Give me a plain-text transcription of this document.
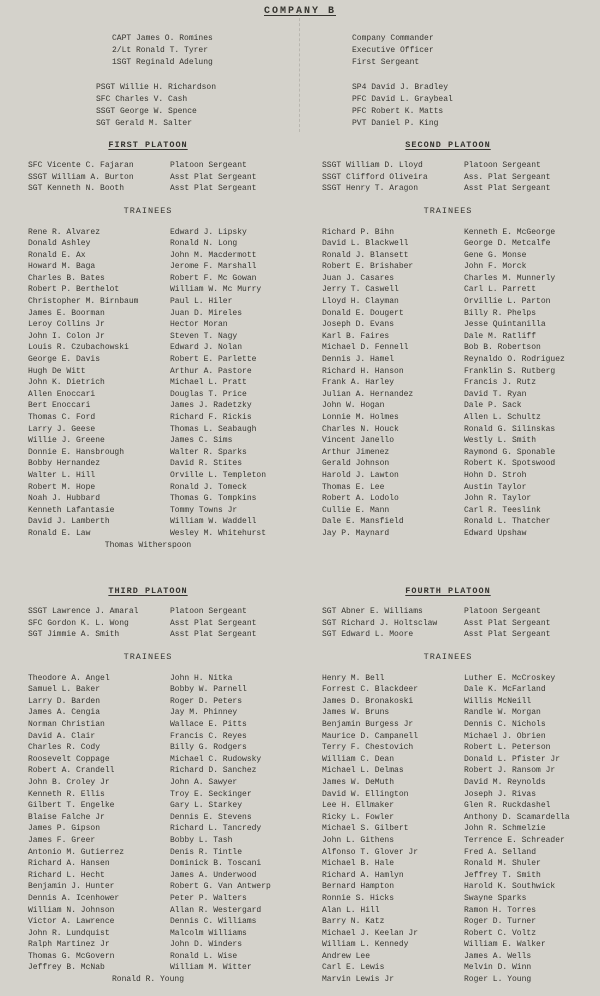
COMPANY B
CAPT James O. Romines	Company Commander
2/Lt Ronald T. Tyrer	Executive Officer
1SGT Reginald Adelung	First Sergeant
PSGT Willie H. Richardson	SP4 David J. Bradley
SFC Charles V. Cash	PFC David L. Graybeal
SSGT George W. Spence	PFC Robert K. Matts
SGT Gerald M. Salter	PVT Daniel P. King
FIRST PLATOON
SFC Vicente C. Fajaran	Platoon Sergeant
SSGT William A. Burton	Asst Plat Sergeant
SGT Kenneth N. Booth	Asst Plat Sergeant
TRAINEES
Rene R. Alvarez	Edward J. Lipsky
Donald Ashley	Ronald N. Long
Ronald E. Ax	John M. Macdermott
Howard M. Baga	Jerome F. Marshall
Charles B. Bates	Robert F. Mc Gowan
Robert P. Berthelot	William W. Mc Murry
Christopher M. Birnbaum	Paul L. Hiler
James E. Boorman	Juan D. Mireles
Leroy Collins Jr	Hector Moran
John I. Colon Jr	Steven T. Nagy
Louis R. Czubachowski	Edward J. Nolan
George E. Davis	Robert E. Parlette
Hugh De Witt	Arthur A. Pastore
John K. Dietrich	Michael L. Pratt
Allen Enoccari	Douglas T. Price
Bert Enoccari	James J. Radetzky
Thomas C. Ford	Richard F. Rickis
Larry J. Geese	Thomas L. Seabaugh
Willie J. Greene	James C. Sims
Donnie E. Hansbrough	Walter R. Sparks
Bobby Hernandez	David R. Stites
Walter L. Hill	Orville L. Templeton
Robert M. Hope	Ronald J. Tomeck
Noah J. Hubbard	Thomas G. Tompkins
Kenneth Lafantasie	Tommy Towns Jr
David J. Lamberth	William W. Waddell
Ronald E. Law	Wesley M. Whitehurst
Thomas Witherspoon
SECOND PLATOON
SSGT William D. Lloyd	Platoon Sergeant
SSGT Clifford Oliveira	Ass. Plat Sergeant
SSGT Henry T. Aragon	Asst Plat Sergeant
TRAINEES
Richard P. Bihn	Kenneth E. McGeorge
David L. Blackwell	George D. Metcalfe
Ronald J. Blansett	Gene G. Monse
Robert E. Brishaber	John F. Morck
Juan J. Casares	Charles M. Munnerly
Jerry T. Caswell	Carl L. Parrett
Lloyd H. Clayman	Orvillie L. Parton
Donald E. Dougert	Billy R. Phelps
Joseph D. Evans	Jesse Quintanilla
Karl B. Faires	Dale M. Ratliff
Michael D. Fennell	Bob B. Robertson
Dennis J. Hamel	Reynaldo O. Rodriguez
Richard H. Hanson	Franklin S. Rutberg
Frank A. Harley	Francis J. Rutz
Julian A. Hernandez	David T. Ryan
John W. Hogan	Dale P. Sack
Lonnie M. Holmes	Allen L. Schultz
Charles N. Houck	Ronald G. Silinskas
Vincent Janello	Westly L. Smith
Arthur Jimenez	Raymond G. Sponable
Gerald Johnson	Robert K. Spotswood
Harold J. Lawton	Hohn D. Stroh
Thomas E. Lee	Austin Taylor
Robert A. Lodolo	John R. Taylor
Cullie E. Mann	Carl R. Teeslink
Dale E. Mansfield	Ronald L. Thatcher
Jay P. Maynard	Edward Upshaw
THIRD PLATOON
SSGT Lawrence J. Amaral	Platoon Sergeant
SFC Gordon K. L. Wong	Asst Plat Sergeant
SGT Jimmie A. Smith	Asst Plat Sergeant
TRAINEES
Theodore A. Angel	John H. Nitka
Samuel L. Baker	Bobby W. Parnell
Larry D. Barden	Roger D. Peters
James A. Cengia	Jay M. Phinney
Norman Christian	Wallace E. Pitts
David A. Clair	Francis C. Reyes
Charles R. Cody	Billy G. Rodgers
Roosevelt Coppage	Michael C. Rudowsky
Robert A. Crandell	Richard D. Sanchez
John B. Croley Jr	John A. Sawyer
Kenneth R. Ellis	Troy E. Seckinger
Gilbert T. Engelke	Gary L. Starkey
Blaise Falche Jr	Dennis E. Stevens
James P. Gipson	Richard L. Tancredy
James F. Greer	Bobby L. Tash
Antonio M. Gutierrez	Denis R. Tintle
Richard A. Hansen	Dominick B. Toscani
Richard L. Hecht	James A. Underwood
Benjamin J. Hunter	Robert G. Van Antwerp
Dennis A. Icenhower	Peter P. Walters
William N. Johnson	Allan R. Westergard
Victor A. Lawrence	Dennis C. Williams
John R. Lundquist	Malcolm Williams
Ralph Martinez Jr	John D. Winders
Thomas G. McGovern	Ronald L. Wise
Jeffrey B. McNab	William M. Witter
Ronald R. Young
FOURTH PLATOON
SGT Abner E. Williams	Platoon Sergeant
SGT Richard J. Holtsclaw	Asst Plat Sergeant
SGT Edward L. Moore	Asst Plat Sergeant
TRAINEES
Henry M. Bell	Luther E. McCroskey
Forrest C. Blackdeer	Dale K. McFarland
James D. Bronakoski	Willis McNeill
James W. Bruns	Randle W. Morgan
Benjamin Burgess Jr	Dennis C. Nichols
Maurice D. Campanell	Michael J. Obrien
Terry F. Chestovich	Robert L. Peterson
William C. Dean	Donald L. Pfister Jr
Michael L. Delmas	Robert J. Ransom Jr
James W. DeMuth	David M. Reynolds
David W. Ellington	Joseph J. Rivas
Lee H. Ellmaker	Glen R. Ruckdashel
Ricky L. Fowler	Anthony D. Scamardella
Michael S. Gilbert	John R. Schmelzie
John L. Githens	Terrence E. Schreader
Alfonso T. Glover Jr	Fred A. Selland
Michael B. Hale	Ronald M. Shuler
Richard A. Hamlyn	Jeffrey T. Smith
Bernard Hampton	Harold K. Southwick
Ronnie S. Hicks	Swayne Sparks
Alan L. Hill	Ramon H. Torres
Barry N. Katz	Roger D. Turner
Michael J. Keelan Jr	Robert C. Voltz
William L. Kennedy	William E. Walker
Andrew Lee	James A. Wells
Carl E. Lewis	Melvin D. Winn
Marvin Lewis Jr	Roger L. Young
